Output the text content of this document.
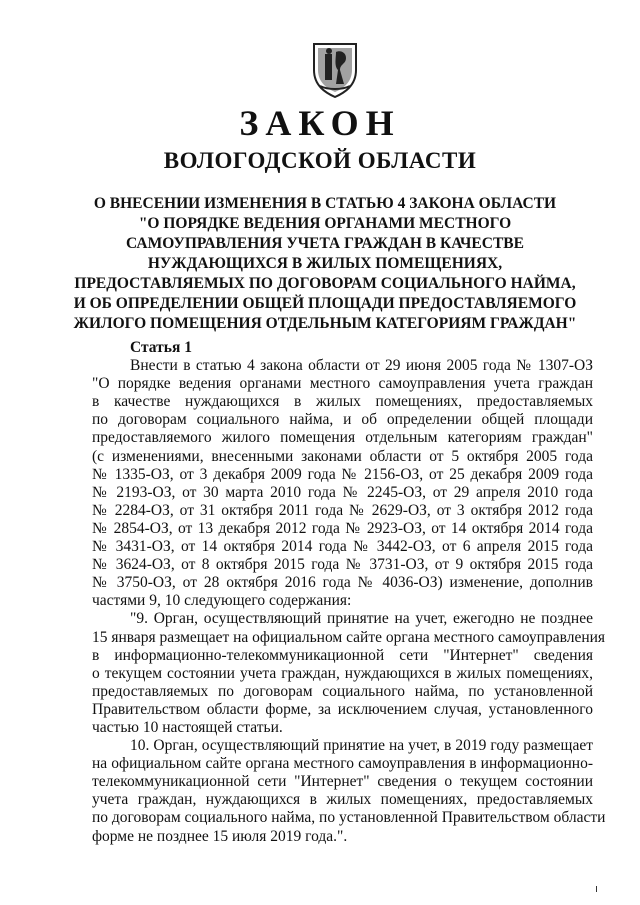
ЗАКОН
ВОЛОГОДСКОЙ ОБЛАСТИ
О ВНЕСЕНИИ ИЗМЕНЕНИЯ В СТАТЬЮ 4 ЗАКОНА ОБЛАСТИ
"О ПОРЯДКЕ ВЕДЕНИЯ ОРГАНАМИ МЕСТНОГО
САМОУПРАВЛЕНИЯ УЧЕТА ГРАЖДАН В КАЧЕСТВЕ
НУЖДАЮЩИХСЯ В ЖИЛЫХ ПОМЕЩЕНИЯХ,
ПРЕДОСТАВЛЯЕМЫХ ПО ДОГОВОРАМ СОЦИАЛЬНОГО НАЙМА,
И ОБ ОПРЕДЕЛЕНИИ ОБЩЕЙ ПЛОЩАДИ ПРЕДОСТАВЛЯЕМОГО
ЖИЛОГО ПОМЕЩЕНИЯ ОТДЕЛЬНЫМ КАТЕГОРИЯМ ГРАЖДАН"
Статья 1
Внести в статью 4 закона области от 29 июня 2005 года № 1307-ОЗ
"О порядке ведения органами местного самоуправления учета граждан
в качестве нуждающихся в жилых помещениях, предоставляемых
по договорам социального найма, и об определении общей площади
предоставляемого жилого помещения отдельным категориям граждан"
(с изменениями, внесенными законами области от 5 октября 2005 года
№ 1335-ОЗ, от 3 декабря 2009 года № 2156-ОЗ, от 25 декабря 2009 года
№ 2193-ОЗ, от 30 марта 2010 года № 2245-ОЗ, от 29 апреля 2010 года
№ 2284-ОЗ, от 31 октября 2011 года № 2629-ОЗ, от 3 октября 2012 года
№ 2854-ОЗ, от 13 декабря 2012 года № 2923-ОЗ, от 14 октября 2014 года
№ 3431-ОЗ, от 14 октября 2014 года № 3442-ОЗ, от 6 апреля 2015 года
№ 3624-ОЗ, от 8 октября 2015 года № 3731-ОЗ, от 9 октября 2015 года
№ 3750-ОЗ, от 28 октября 2016 года № 4036-ОЗ) изменение, дополнив
частями 9, 10 следующего содержания:
"9. Орган, осуществляющий принятие на учет, ежегодно не позднее
15 января размещает на официальном сайте органа местного самоуправления
в информационно-телекоммуникационной сети "Интернет" сведения
о текущем состоянии учета граждан, нуждающихся в жилых помещениях,
предоставляемых по договорам социального найма, по установленной
Правительством области форме, за исключением случая, установленного
частью 10 настоящей статьи.
10. Орган, осуществляющий принятие на учет, в 2019 году размещает
на официальном сайте органа местного самоуправления в информационно-
телекоммуникационной сети "Интернет" сведения о текущем состоянии
учета граждан, нуждающихся в жилых помещениях, предоставляемых
по договорам социального найма, по установленной Правительством области
форме не позднее 15 июля 2019 года.".
